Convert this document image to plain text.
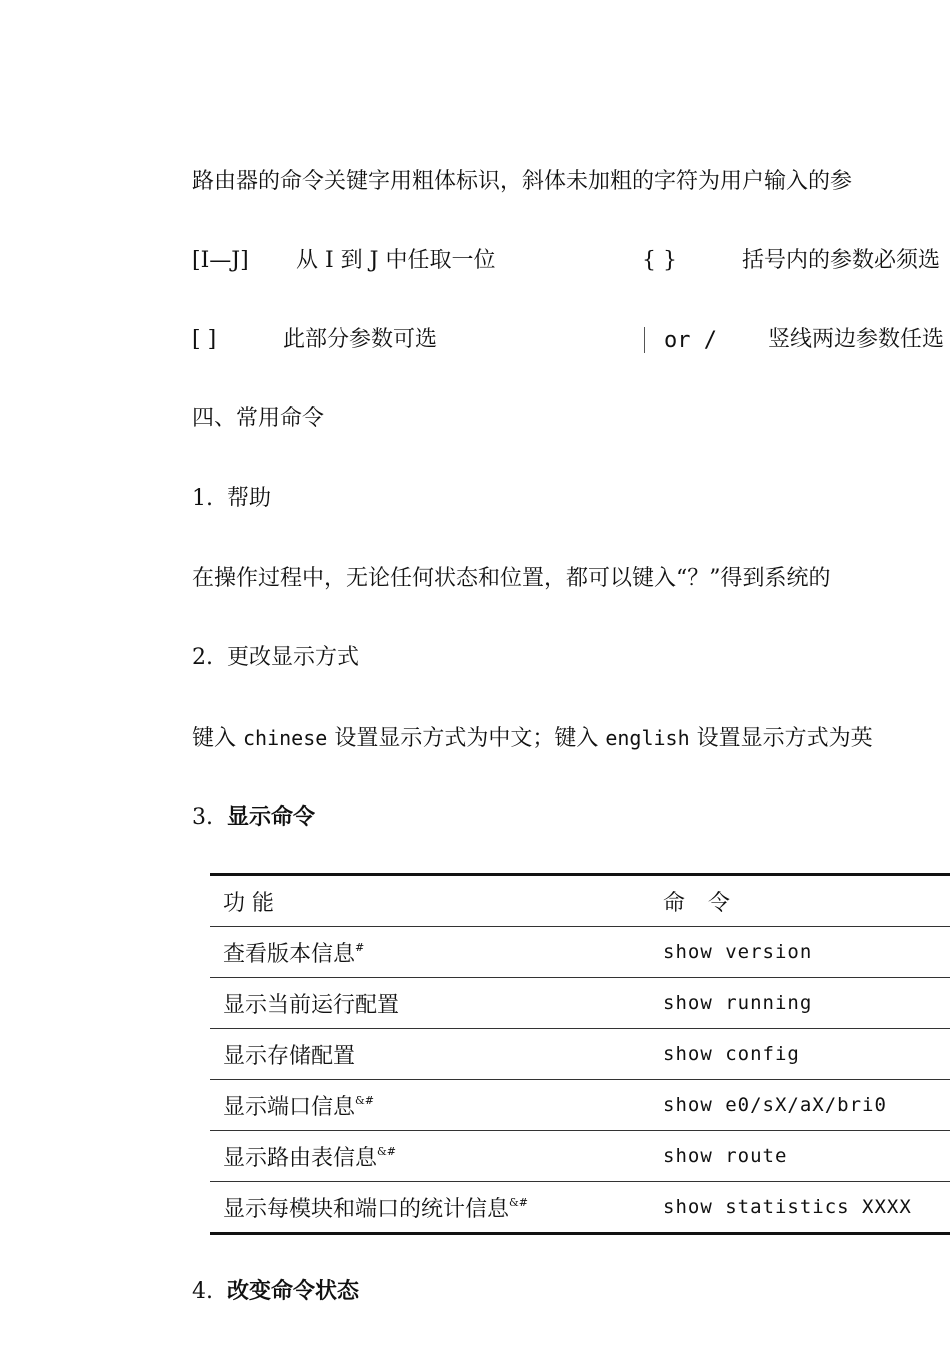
路由器的命令关键字用粗体标识，斜体未加粗的字符为用户输入的参
[I—J] 从 I 到 J 中任取一位	{ }	括号内的参数必须选
[ ]	此部分参数可选	or / 竖线两边参数任选
四、常用命令
1. 帮助
在操作过程中，无论任何状态和位置，都可以键入“？”得到系统的
2. 更改显示方式
键入 chinese 设置显示方式为中文；键入 english 设置显示方式为英
3. 显示命令
功 能	命 令
查看版本信息#	show version
显示当前运行配置	show running
显示存储配置	show config
显示端口信息&#	show e0/sX/aX/bri0
显示路由表信息&#	show route
显示每模块和端口的统计信息&#	show statistics XXXX
4. 改变命令状态
